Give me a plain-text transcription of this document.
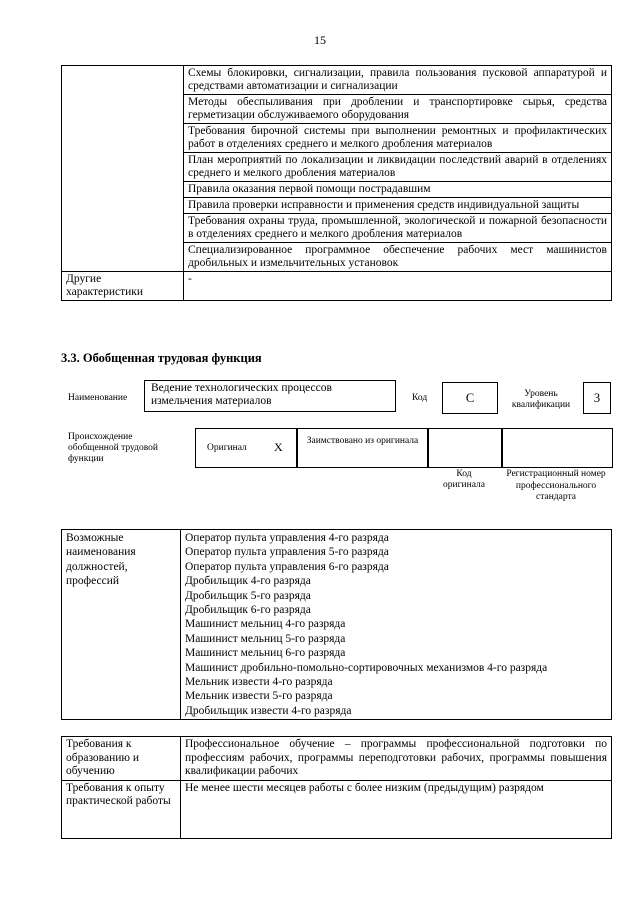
15
	Схемы блокировки, сигнализации, правила пользования пусковой аппаратурой и средствами автоматизации и сигнализации
	Методы обеспыливания при дроблении и транспортировке сырья, средства герметизации обслуживаемого оборудования
	Требования бирочной системы при выполнении ремонтных и профилактических работ в отделениях среднего и мелкого дробления материалов
	План мероприятий по локализации и ликвидации последствий аварий в отделениях среднего и мелкого дробления материалов
	Правила оказания первой помощи пострадавшим
	Правила проверки исправности и применения средств индивидуальной защиты
	Требования охраны труда, промышленной, экологической и пожарной безопасности в отделениях среднего и мелкого дробления материалов
	Специализированное программное обеспечение рабочих мест машинистов дробильных и измельчительных установок
Другие характеристики	-
3.3. Обобщенная трудовая функция
Наименование
Ведение технологических процессов измельчения материалов	Код	C	Уровень квалификации	3
Происхождение обобщенной трудовой функции
Оригинал X	Заимствовано из оригинала
Код оригинала
Регистрационный номер профессионального стандарта
Возможные наименования должностей, профессий	
Оператор пульта управления 4-го разряда
Оператор пульта управления 5-го разряда
Оператор пульта управления 6-го разряда
Дробильщик 4-го разряда
Дробильщик 5-го разряда
Дробильщик 6-го разряда
Машинист мельниц 4-го разряда
Машинист мельниц 5-го разряда
Машинист мельниц 6-го разряда
Машинист дробильно-помольно-сортировочных механизмов 4-го разряда
Мельник извести 4-го разряда
Мельник извести 5-го разряда
Дробильщик извести 4-го разряда
Требования к образованию и обучению	Профессиональное обучение – программы профессиональной подготовки по профессиям рабочих, программы переподготовки рабочих, программы повышения квалификации рабочих
Требования к опыту практической работы	Не менее шести месяцев работы с более низким (предыдущим) разрядом
